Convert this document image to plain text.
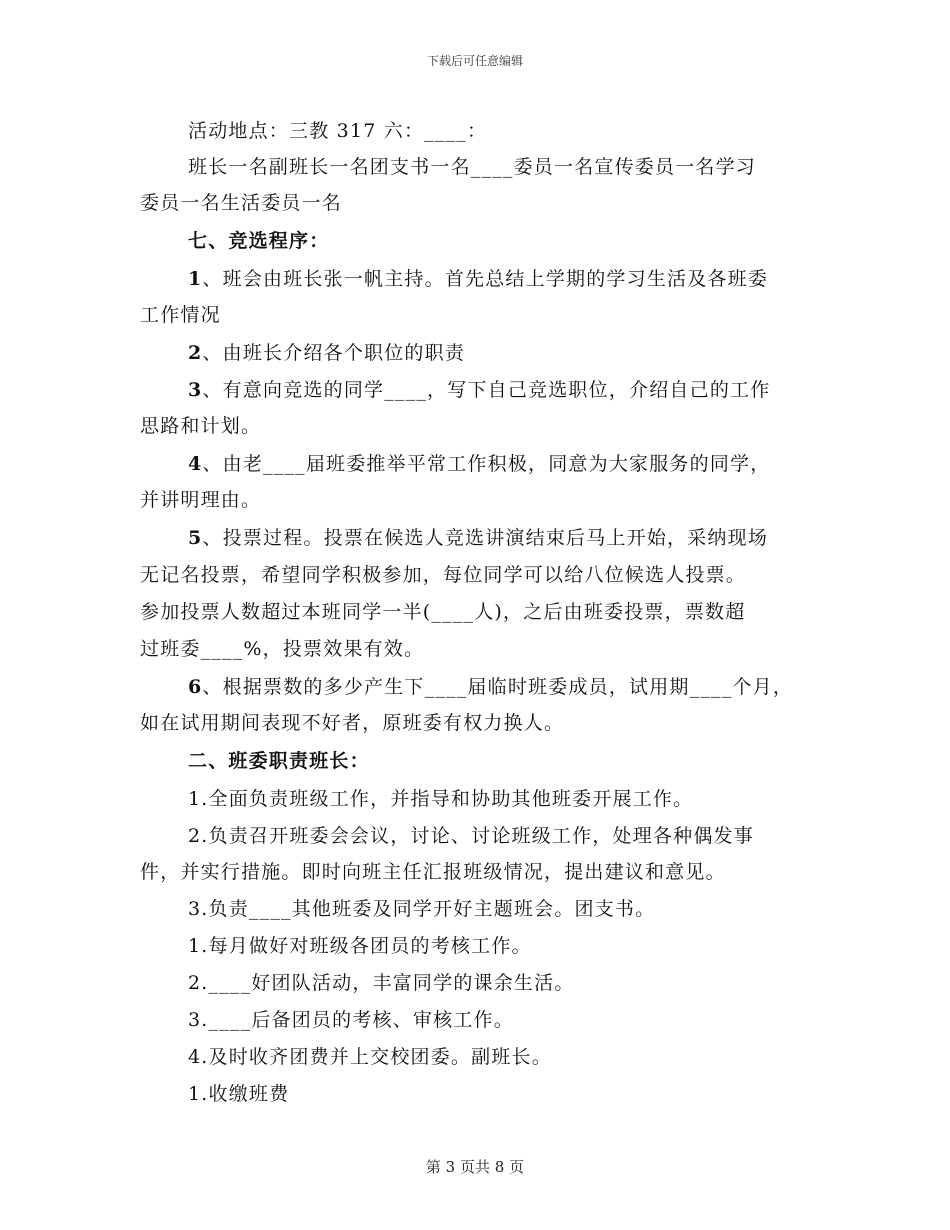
下载后可任意编辑
活动地点：三教 317 六：____：
班长一名副班长一名团支书一名____委员一名宣传委员一名学习
委员一名生活委员一名
七、竞选程序：
1、班会由班长张一帆主持。首先总结上学期的学习生活及各班委
工作情况
2、由班长介绍各个职位的职责
3、有意向竞选的同学____，写下自己竞选职位，介绍自己的工作
思路和计划。
4、由老____届班委推举平常工作积极，同意为大家服务的同学，
并讲明理由。
5、投票过程。投票在候选人竞选讲演结束后马上开始，采纳现场
无记名投票，希望同学积极参加，每位同学可以给八位候选人投票。
参加投票人数超过本班同学一半(____人)，之后由班委投票，票数超
过班委____%，投票效果有效。
6、根据票数的多少产生下____届临时班委成员，试用期____个月，
如在试用期间表现不好者，原班委有权力换人。
二、班委职责班长：
1.全面负责班级工作，并指导和协助其他班委开展工作。
2.负责召开班委会会议，讨论、讨论班级工作，处理各种偶发事
件，并实行措施。即时向班主任汇报班级情况，提出建议和意见。
3.负责____其他班委及同学开好主题班会。团支书。
1.每月做好对班级各团员的考核工作。
2.____好团队活动，丰富同学的课余生活。
3.____后备团员的考核、审核工作。
4.及时收齐团费并上交校团委。副班长。
1.收缴班费
第 3 页共 8 页
